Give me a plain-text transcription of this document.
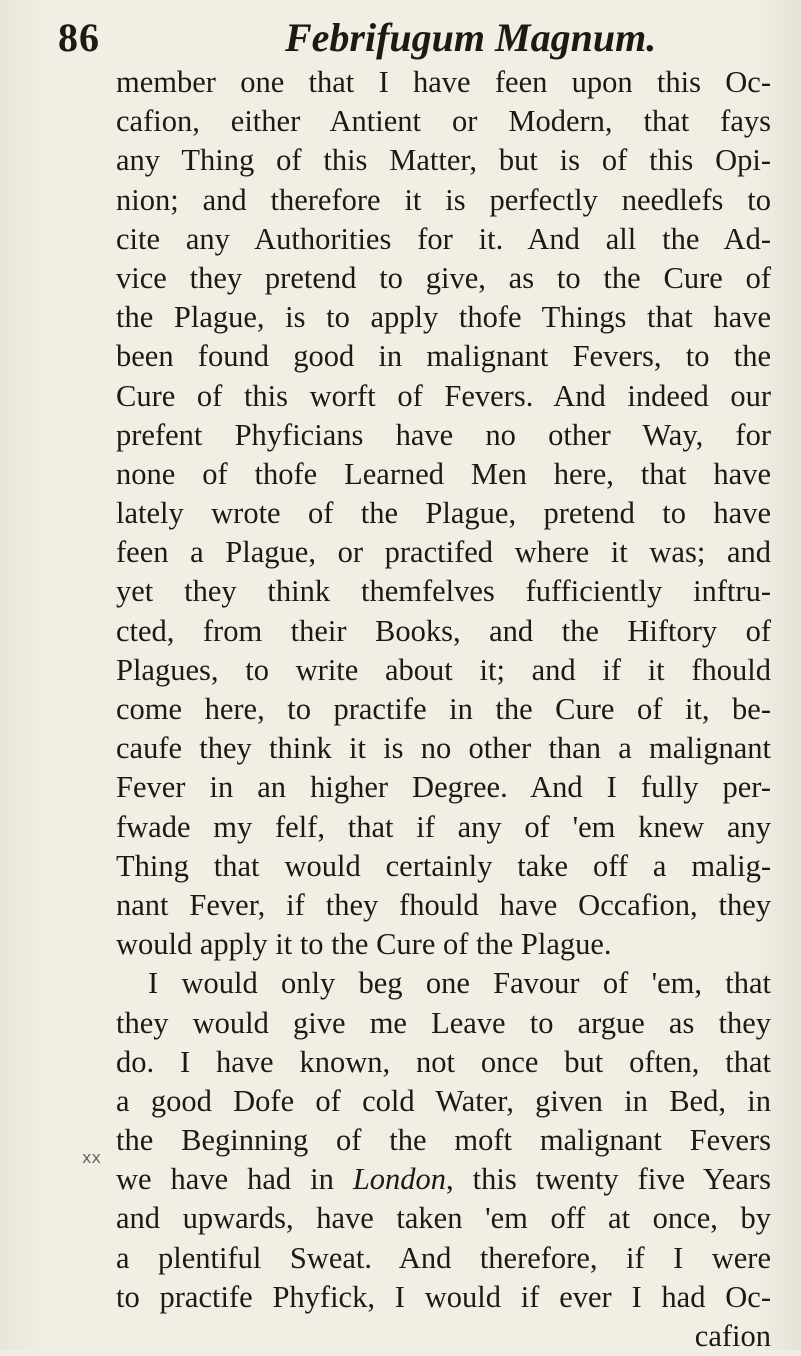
86	Febrifugum Magnum.
xx
member one that I have feen upon this Oc-
cafion, either Antient or Modern, that fays
any Thing of this Matter, but is of this Opi-
nion; and therefore it is perfectly needlefs to
cite any Authorities for it. And all the Ad-
vice they pretend to give, as to the Cure of
the Plague, is to apply thofe Things that have
been found good in malignant Fevers, to the
Cure of this worft of Fevers. And indeed our
prefent Phyficians have no other Way, for
none of thofe Learned Men here, that have
lately wrote of the Plague, pretend to have
feen a Plague, or practifed where it was; and
yet they think themfelves fufficiently inftru-
cted, from their Books, and the Hiftory of
Plagues, to write about it; and if it fhould
come here, to practife in the Cure of it, be-
caufe they think it is no other than a malignant
Fever in an higher Degree. And I fully per-
fwade my felf, that if any of 'em knew any
Thing that would certainly take off a malig-
nant Fever, if they fhould have Occafion, they
would apply it to the Cure of the Plague.
I would only beg one Favour of 'em, that
they would give me Leave to argue as they
do. I have known, not once but often, that
a good Dofe of cold Water, given in Bed, in
the Beginning of the moft malignant Fevers
we have had in London, this twenty five Years
and upwards, have taken 'em off at once, by
a plentiful Sweat. And therefore, if I were
to practife Phyfick, I would if ever I had Oc-
cafion
